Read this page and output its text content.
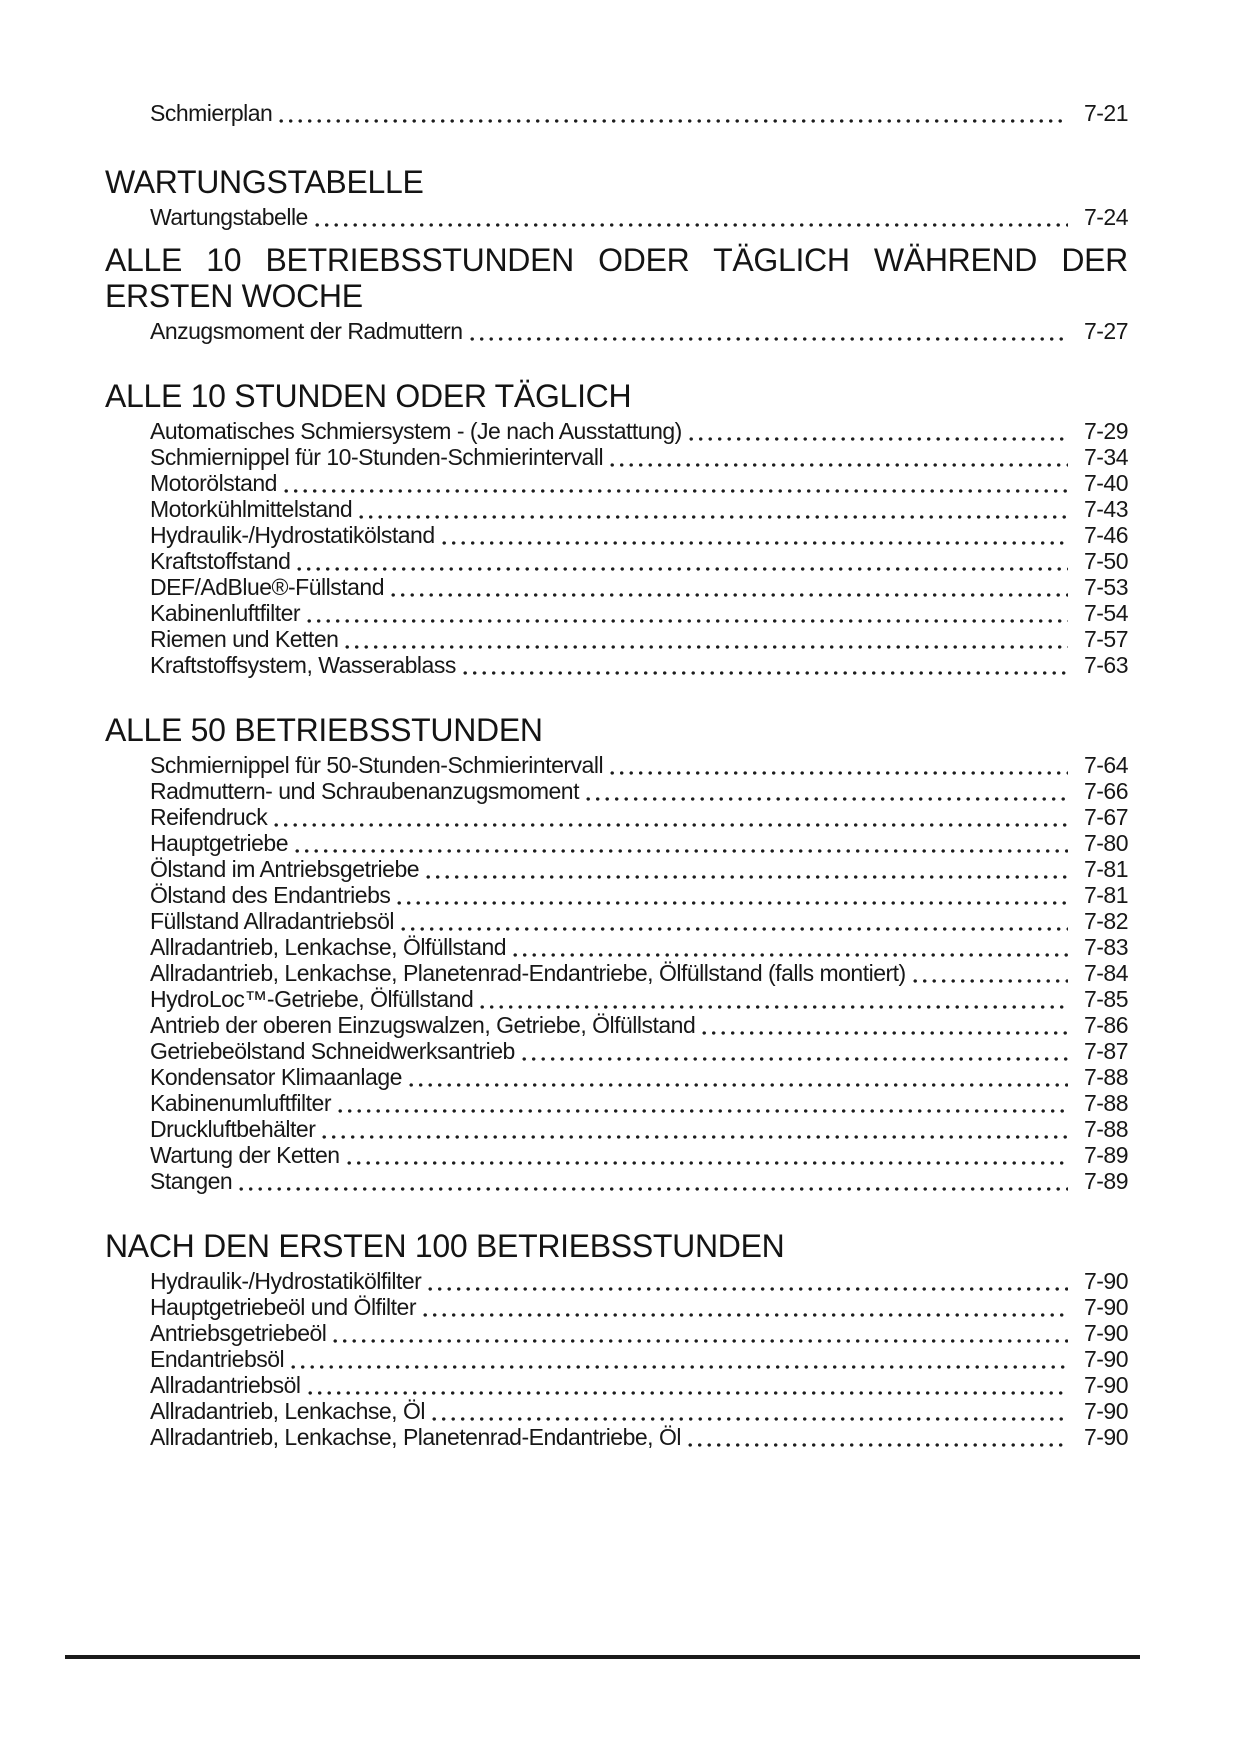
Schmierplan	7-21
WARTUNGSTABELLE
Wartungstabelle	7-24
ALLE 10 BETRIEBSSTUNDEN ODER TÄGLICH WÄHREND DER
ERSTEN WOCHE
Anzugsmoment der Radmuttern	7-27
ALLE 10 STUNDEN ODER TÄGLICH
Automatisches Schmiersystem - (Je nach Ausstattung)	7-29
Schmiernippel für 10-Stunden-Schmierintervall	7-34
Motorölstand	7-40
Motorkühlmittelstand	7-43
Hydraulik-/Hydrostatikölstand	7-46
Kraftstoffstand	7-50
DEF/AdBlue®-Füllstand	7-53
Kabinenluftfilter	7-54
Riemen und Ketten	7-57
Kraftstoffsystem, Wasserablass	7-63
ALLE 50 BETRIEBSSTUNDEN
Schmiernippel für 50-Stunden-Schmierintervall	7-64
Radmuttern- und Schraubenanzugsmoment	7-66
Reifendruck	7-67
Hauptgetriebe	7-80
Ölstand im Antriebsgetriebe	7-81
Ölstand des Endantriebs	7-81
Füllstand Allradantriebsöl	7-82
Allradantrieb, Lenkachse, Ölfüllstand	7-83
Allradantrieb, Lenkachse, Planetenrad-Endantriebe, Ölfüllstand (falls montiert)	7-84
HydroLoc™-Getriebe, Ölfüllstand	7-85
Antrieb der oberen Einzugswalzen, Getriebe, Ölfüllstand	7-86
Getriebeölstand Schneidwerksantrieb	7-87
Kondensator Klimaanlage	7-88
Kabinenumluftfilter	7-88
Druckluftbehälter	7-88
Wartung der Ketten	7-89
Stangen	7-89
NACH DEN ERSTEN 100 BETRIEBSSTUNDEN
Hydraulik-/Hydrostatikölfilter	7-90
Hauptgetriebeöl und Ölfilter	7-90
Antriebsgetriebeöl	7-90
Endantriebsöl	7-90
Allradantriebsöl	7-90
Allradantrieb, Lenkachse, Öl	7-90
Allradantrieb, Lenkachse, Planetenrad-Endantriebe, Öl	7-90
